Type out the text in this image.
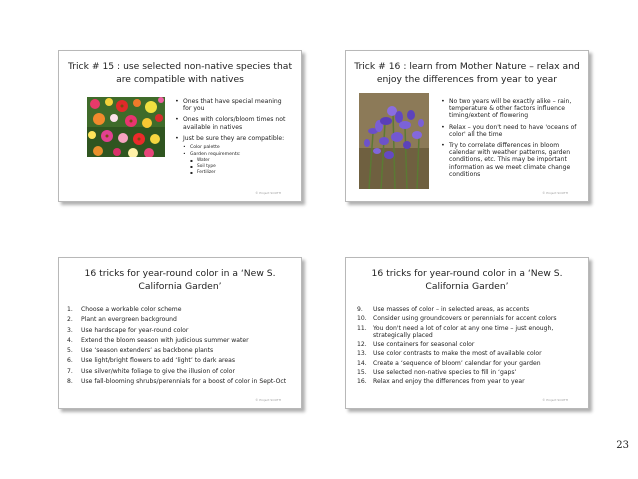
Trick # 15 : use selected non-native species that are compatible with natives
• Ones that have special meaning for you
• Ones with colors/bloom times not available in natives
• Just be sure they are compatible:
• Color palette
• Garden requirements:
▪ Water
▪ Soil type
▪ Fertilizer
© Project SOUTH
Trick # 16 : learn from Mother Nature – relax and enjoy the differences from year to year
• No two years will be exactly alike – rain, temperature & other factors influence timing/extent of flowering
• Relax – you don't need to have 'oceans of color' all the time
• Try to correlate differences in bloom calendar with weather patterns, garden conditions, etc. This may be important information as we meet climate change conditions
© Project SOUTH
16 tricks for year-round color in a ‘New S. California Garden’
1. Choose a workable color scheme
2. Plant an evergreen background
3. Use hardscape for year-round color
4. Extend the bloom season with judicious summer water
5. Use ‘season extenders’ as backbone plants
6. Use light/bright flowers to add ‘light’ to dark areas
7. Use silver/white foliage to give the illusion of color
8. Use fall-blooming shrubs/perennials for a boost of color in Sept-Oct
© Project SOUTH
16 tricks for year-round color in a ‘New S. California Garden’
9. Use masses of color – in selected areas, as accents
10. Consider using groundcovers or perennials for accent colors
11. You don't need a lot of color at any one time – just enough, strategically placed
12. Use containers for seasonal color
13. Use color contrasts to make the most of available color
14. Create a ‘sequence of bloom’ calendar for your garden
15. Use selected non-native species to fill in ‘gaps’
16. Relax and enjoy the differences from year to year
© Project SOUTH
23
